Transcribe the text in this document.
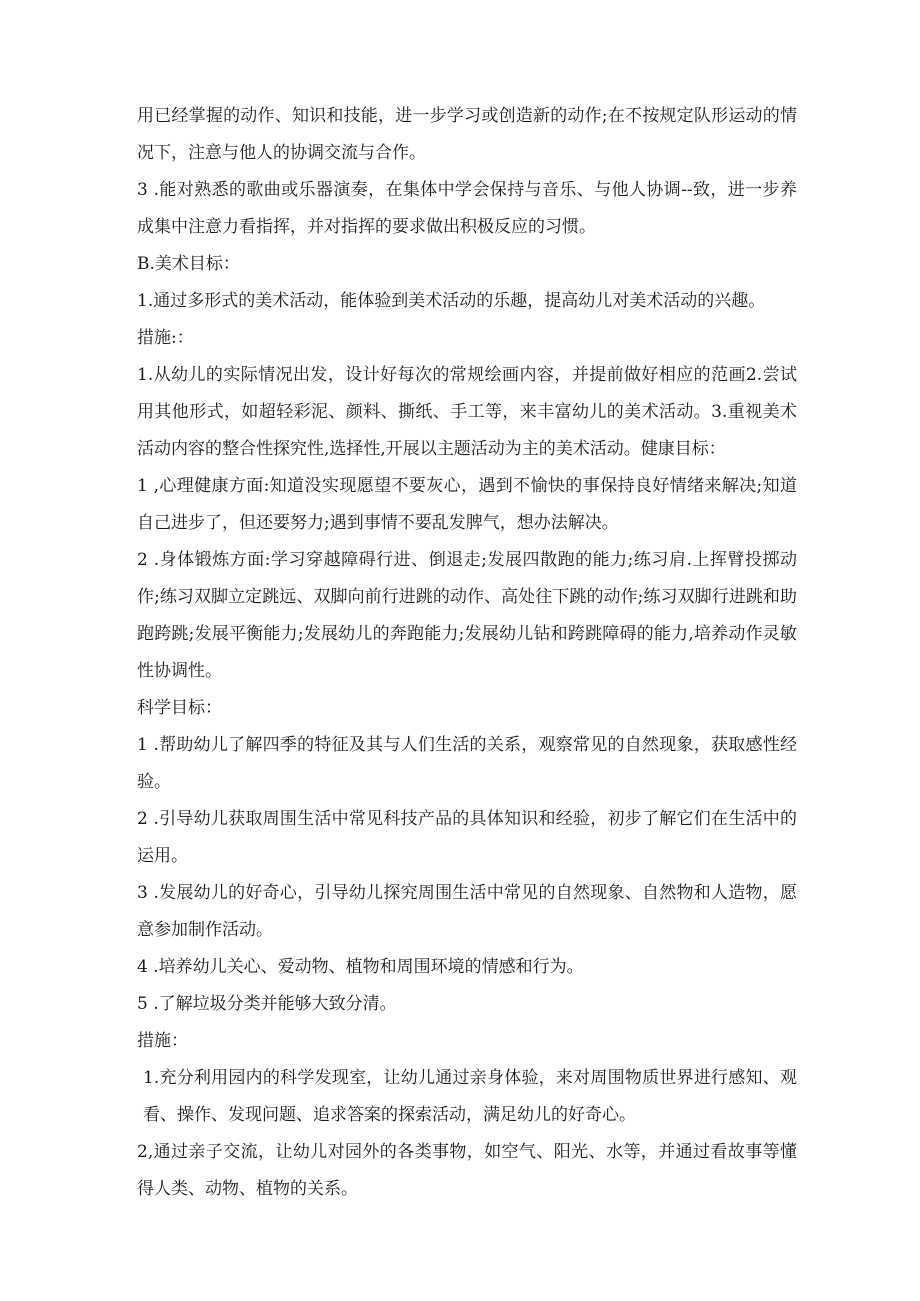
用已经掌握的动作、知识和技能，进一步学习或创造新的动作;在不按规定队形运动的情况下，注意与他人的协调交流与合作。

3 .能对熟悉的歌曲或乐器演奏，在集体中学会保持与音乐、与他人协调--致，进一步养成集中注意力看指挥，并对指挥的要求做出积极反应的习惯。

B.美术目标：

1.通过多形式的美术活动，能体验到美术活动的乐趣，提高幼儿对美术活动的兴趣。

措施:：

1.从幼儿的实际情况出发，设计好每次的常规绘画内容，并提前做好相应的范画2.尝试用其他形式，如超轻彩泥、颜料、撕纸、手工等，来丰富幼儿的美术活动。3.重视美术活动内容的整合性探究性,选择性,开展以主题活动为主的美术活动。健康目标：

1 ,心理健康方面:知道没实现愿望不要灰心，遇到不愉快的事保持良好情绪来解决;知道自己进步了，但还要努力;遇到事情不要乱发脾气，想办法解决。

2 .身体锻炼方面:学习穿越障碍行进、倒退走;发展四散跑的能力;练习肩.上挥臂投掷动作;练习双脚立定跳远、双脚向前行进跳的动作、高处往下跳的动作;练习双脚行进跳和助跑跨跳;发展平衡能力;发展幼儿的奔跑能力;发展幼儿钻和跨跳障碍的能力,培养动作灵敏性协调性。

科学目标：

1 .帮助幼儿了解四季的特征及其与人们生活的关系，观察常见的自然现象，获取感性经验。

2 .引导幼儿获取周围生活中常见科技产品的具体知识和经验，初步了解它们在生活中的运用。

3 .发展幼儿的好奇心，引导幼儿探究周围生活中常见的自然现象、自然物和人造物，愿意参加制作活动。

4 .培养幼儿关心、爱动物、植物和周围环境的情感和行为。

5 .了解垃圾分类并能够大致分清。

措施：

1.充分利用园内的科学发现室，让幼儿通过亲身体验，来对周围物质世界进行感知、观看、操作、发现问题、追求答案的探索活动，满足幼儿的好奇心。

2,通过亲子交流，让幼儿对园外的各类事物，如空气、阳光、水等，并通过看故事等懂得人类、动物、植物的关系。
